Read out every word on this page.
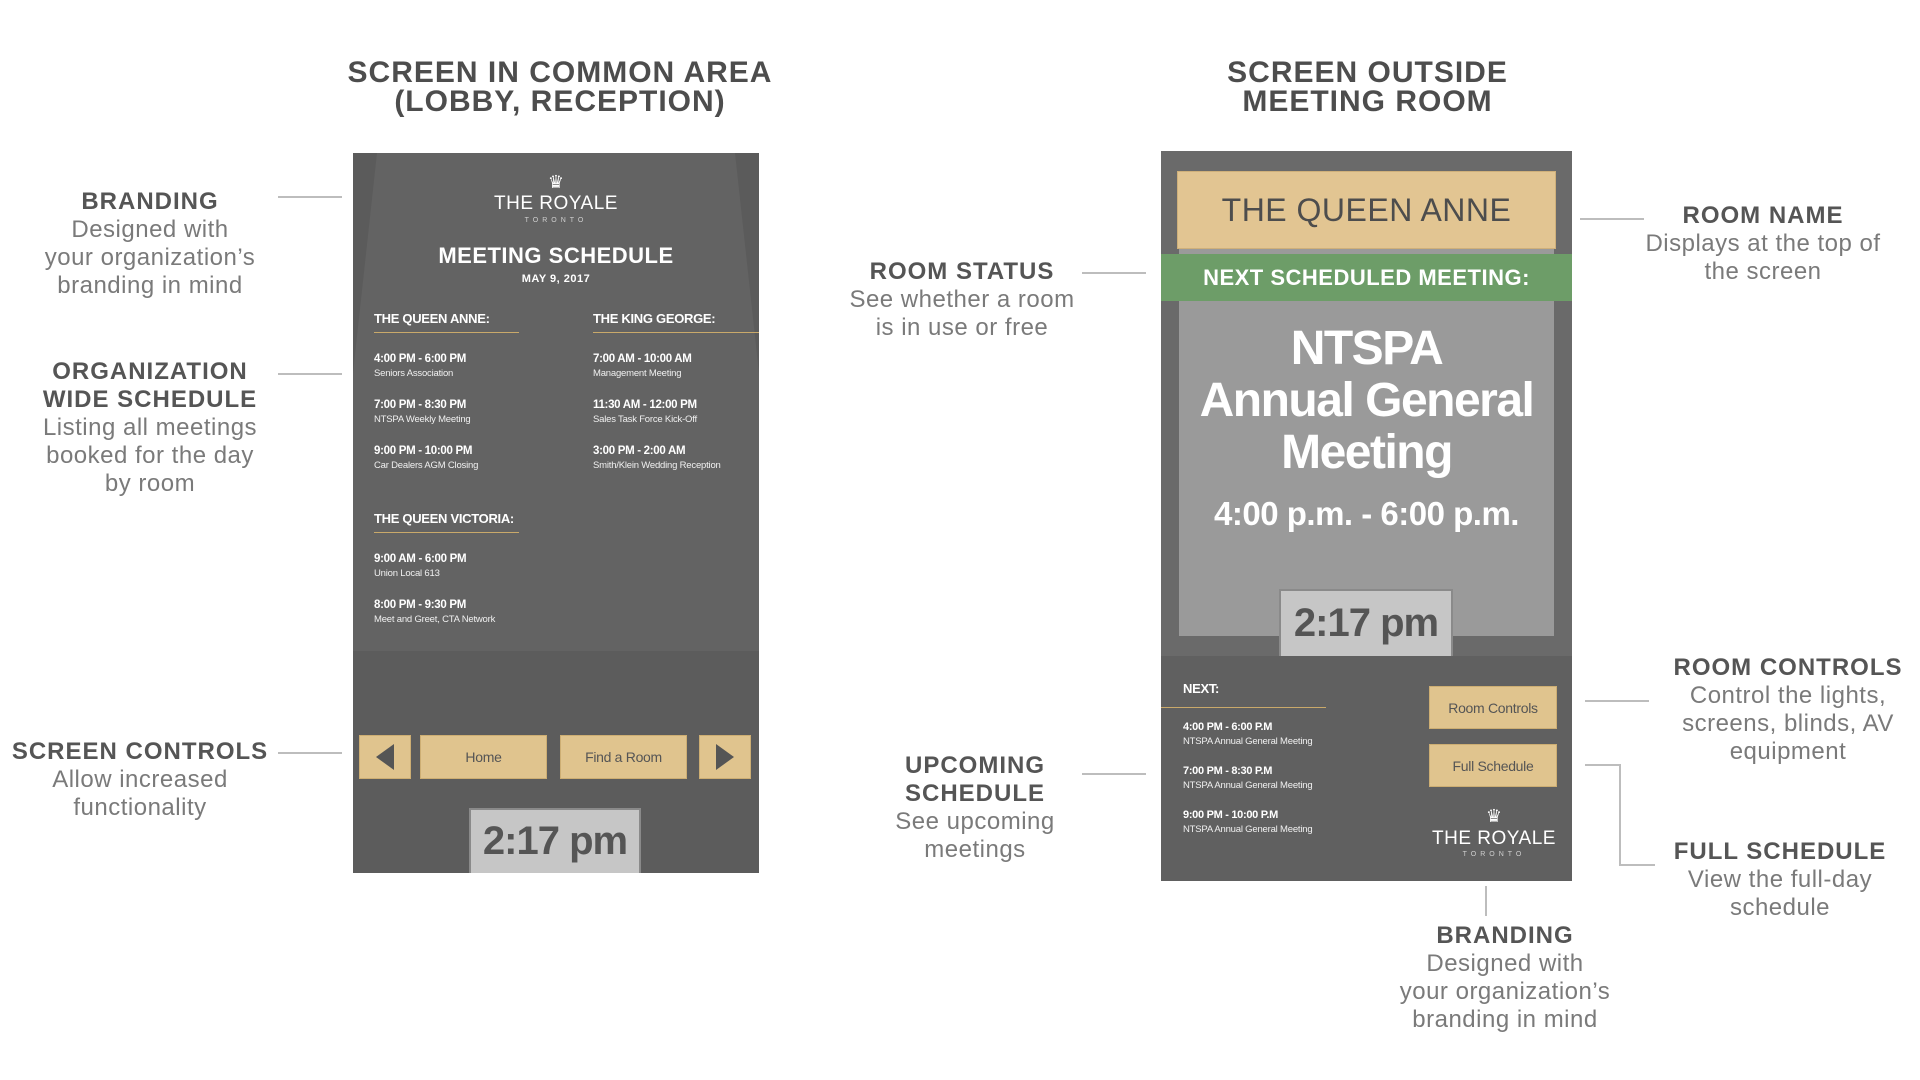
SCREEN IN COMMON AREA
(LOBBY, RECEPTION)
SCREEN OUTSIDE
MEETING ROOM
BRANDING
Designed with
your organization’s
branding in mind
ORGANIZATION
WIDE SCHEDULE
Listing all meetings
booked for the day
by room
SCREEN CONTROLS
Allow increased
functionality
ROOM STATUS
See whether a room
is in use or free
UPCOMING
SCHEDULE
See upcoming
meetings
ROOM NAME
Displays at the top of
the screen
ROOM CONTROLS
Control the lights,
screens, blinds, AV
equipment
FULL SCHEDULE
View the full-day
schedule
BRANDING
Designed with
your organization’s
branding in mind
♛
THE ROYALE
TORONTO
MEETING SCHEDULE
MAY 9, 2017
THE QUEEN ANNE:
4:00 PM - 6:00 PM
Seniors Association
7:00 PM - 8:30 PM
NTSPA Weekly Meeting
9:00 PM - 10:00 PM
Car Dealers AGM Closing
THE KING GEORGE:
7:00 AM - 10:00 AM
Management Meeting
11:30 AM - 12:00 PM
Sales Task Force Kick-Off
3:00 PM - 2:00 AM
Smith/Klein Wedding Reception
THE QUEEN VICTORIA:
9:00 AM - 6:00 PM
Union Local 613
8:00 PM - 9:30 PM
Meet and Greet, CTA Network
Home	Find a Room
2:17 pm
THE QUEEN ANNE
NEXT SCHEDULED MEETING:
NTSPA
Annual General
Meeting
4:00 p.m. - 6:00 p.m.
2:17 pm
NEXT:
4:00 PM - 6:00 P.M
NTSPA Annual General Meeting
7:00 PM - 8:30 P.M
NTSPA Annual General Meeting
9:00 PM - 10:00 P.M
NTSPA Annual General Meeting
Room Controls
Full Schedule
♛
THE ROYALE
TORONTO
